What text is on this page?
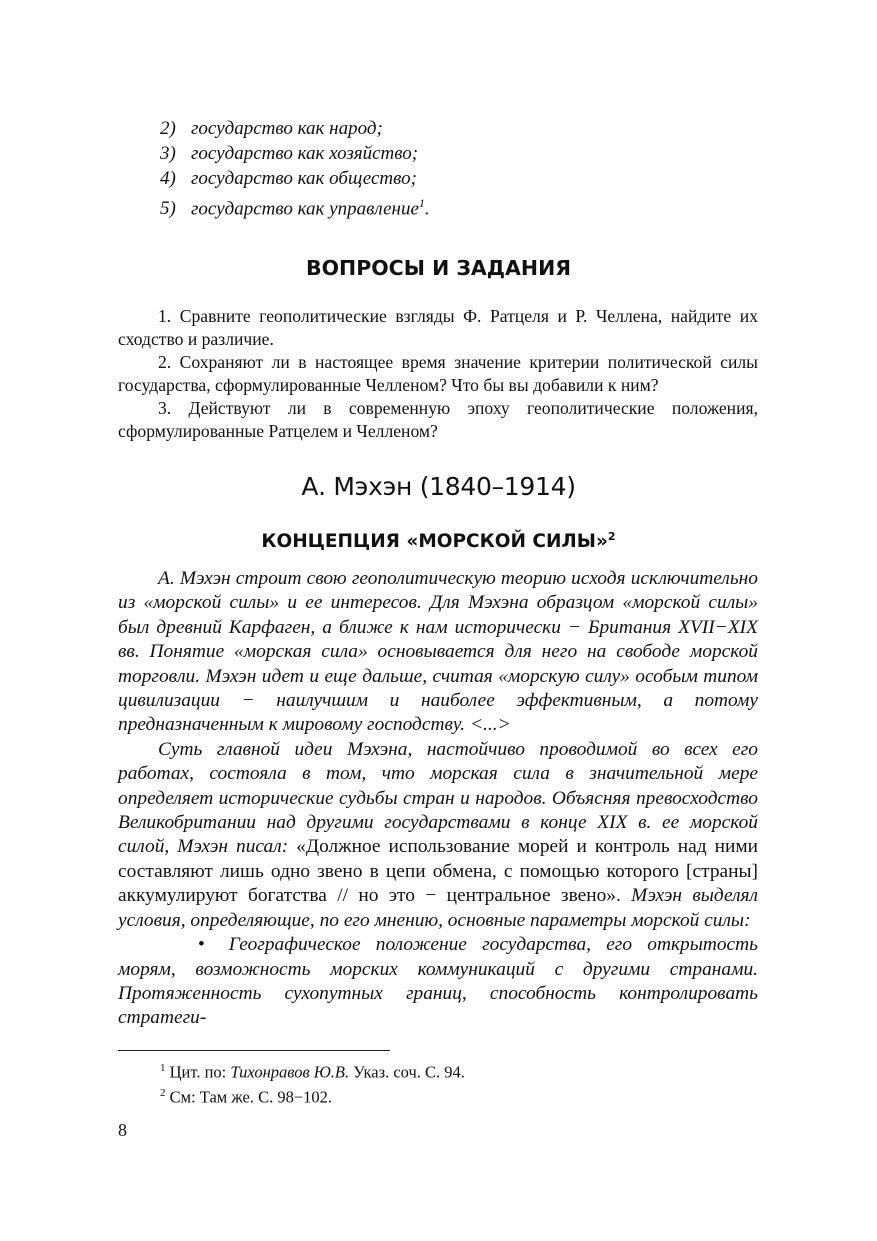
2) государство как народ;
3) государство как хозяйство;
4) государство как общество;
5) государство как управление$^1$.
ВОПРОСЫ И ЗАДАНИЯ

1. Сравните геополитические взгляды Ф. Ратцеля и Р. Челлена, найдите их сходство и различие.

2. Сохраняют ли в настоящее время значение критерии политической силы государства, сформулированные Челленом? Что бы вы добавили к ним?

3. Действуют ли в современную эпоху геополитические положения, сформулированные Ратцелем и Челленом?

А. Мэхэн (1840–1914)
КОНЦЕПЦИЯ «МОРСКОЙ СИЛЫ»$^2$

А. Мэхэн строит свою геополитическую теорию исходя исключительно из «морской силы» и ее интересов. Для Мэхэна образцом «морской силы» был древний Карфаген, а ближе к нам исторически − Британия XVII−XIX вв. Понятие «морская сила» основывается для него на свободе морской торговли. Мэхэн идет и еще дальше, считая «морскую силу» особым типом цивилизации − наилучшим и наиболее эффективным, а потому предназначенным к мировому господству. <...>

Суть главной идеи Мэхэна, настойчиво проводимой во всех его работах, состояла в том, что морская сила в значительной мере определяет исторические судьбы стран и народов. Объясняя превосходство Великобритании над другими государствами в конце XIX в. ее морской силой, Мэхэн писал: «Должное использование морей и контроль над ними составляют лишь одно звено в цепи обмена, с помощью которого [страны] аккумулируют богатства // но это − центральное звено». Мэхэн выделял условия, определяющие, по его мнению, основные параметры морской силы:

• Географическое положение государства, его открытость морям, возможность морских коммуникаций с другими странами. Протяженность сухопутных границ, способность контролировать стратеги-

$^1$ Цит. по: Тихонравов Ю.В. Указ. соч. С. 94.
$^2$ См: Там же. С. 98−102.
8
